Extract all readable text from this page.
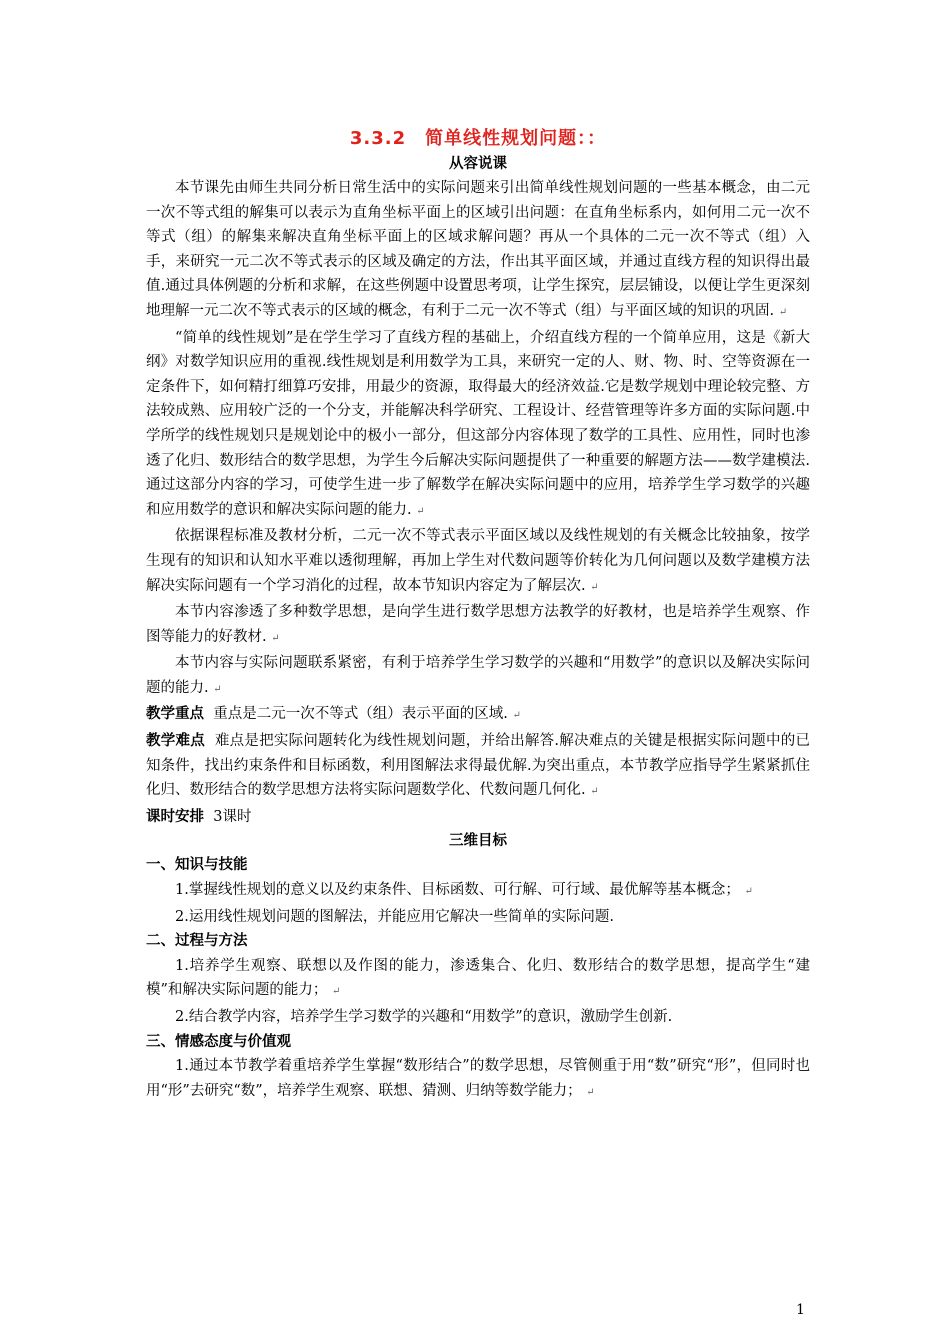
3.3.2　简单线性规划问题：：
从容说课

本节课先由师生共同分析日常生活中的实际问题来引出简单线性规划问题的一些基本概念，由二元一次不等式组的解集可以表示为直角坐标平面上的区域引出问题：在直角坐标系内，如何用二元一次不等式（组）的解集来解决直角坐标平面上的区域求解问题？再从一个具体的二元一次不等式（组）入手，来研究一元二次不等式表示的区域及确定的方法，作出其平面区域，并通过直线方程的知识得出最值.通过具体例题的分析和求解，在这些例题中设置思考项，让学生探究，层层铺设，以便让学生更深刻地理解一元二次不等式表示的区域的概念，有利于二元一次不等式（组）与平面区域的知识的巩固. ↵

“简单的线性规划”是在学生学习了直线方程的基础上，介绍直线方程的一个简单应用，这是《新大纲》对数学知识应用的重视.线性规划是利用数学为工具，来研究一定的人、财、物、时、空等资源在一定条件下，如何精打细算巧安排，用最少的资源，取得最大的经济效益.它是数学规划中理论较完整、方法较成熟、应用较广泛的一个分支，并能解决科学研究、工程设计、经营管理等许多方面的实际问题.中学所学的线性规划只是规划论中的极小一部分，但这部分内容体现了数学的工具性、应用性，同时也渗透了化归、数形结合的数学思想，为学生今后解决实际问题提供了一种重要的解题方法——数学建模法.通过这部分内容的学习，可使学生进一步了解数学在解决实际问题中的应用，培养学生学习数学的兴趣和应用数学的意识和解决实际问题的能力. ↵

依据课程标准及教材分析，二元一次不等式表示平面区域以及线性规划的有关概念比较抽象，按学生现有的知识和认知水平难以透彻理解，再加上学生对代数问题等价转化为几何问题以及数学建模方法解决实际问题有一个学习消化的过程，故本节知识内容定为了解层次. ↵

本节内容渗透了多种数学思想，是向学生进行数学思想方法教学的好教材，也是培养学生观察、作图等能力的好教材. ↵

本节内容与实际问题联系紧密，有利于培养学生学习数学的兴趣和“用数学”的意识以及解决实际问题的能力. ↵

教学重点 重点是二元一次不等式（组）表示平面的区域. ↵

教学难点 难点是把实际问题转化为线性规划问题，并给出解答.解决难点的关键是根据实际问题中的已知条件，找出约束条件和目标函数，利用图解法求得最优解.为突出重点，本节教学应指导学生紧紧抓住化归、数形结合的数学思想方法将实际问题数学化、代数问题几何化. ↵

课时安排 3课时

三维目标
一、知识与技能

1.掌握线性规划的意义以及约束条件、目标函数、可行解、可行域、最优解等基本概念； ↵

2.运用线性规划问题的图解法，并能应用它解决一些简单的实际问题.

二、过程与方法

1.培养学生观察、联想以及作图的能力，渗透集合、化归、数形结合的数学思想，提高学生“建模”和解决实际问题的能力； ↵

2.结合教学内容，培养学生学习数学的兴趣和“用数学”的意识，激励学生创新.

三、情感态度与价值观

1.通过本节教学着重培养学生掌握“数形结合”的数学思想，尽管侧重于用“数”研究“形”，但同时也用“形”去研究“数”，培养学生观察、联想、猜测、归纳等数学能力； ↵

1
